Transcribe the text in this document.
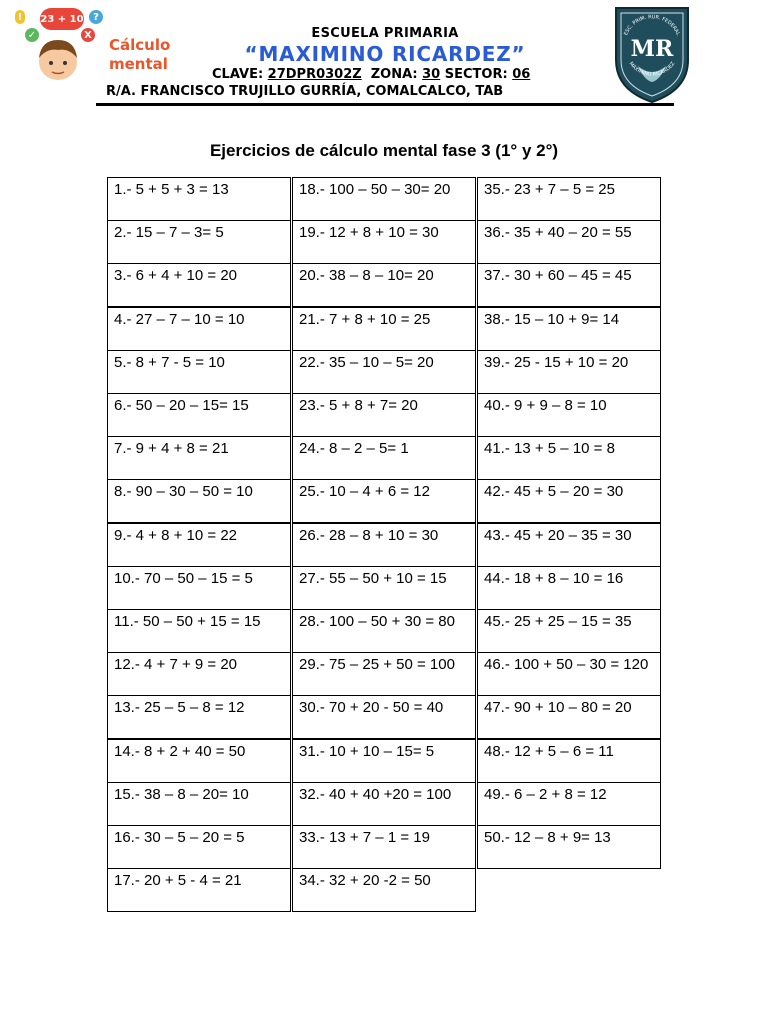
! 23 + 10 ?
✓	X
Cálculo
mental
ESCUELA PRIMARIA
“MAXIMINO RICARDEZ”
CLAVE: 27DPR0302Z  ZONA: 30 SECTOR: 06
R/A. FRANCISCO TRUJILLO GURRÍA, COMALCALCO, TAB
ESC. PRIM. RUR. FEDERAL
MR
MAXIMINO RICARDEZ
Ejercicios de cálculo mental fase 3 (1° y 2°)
1.- 5 + 5 + 3 = 13
2.- 15 – 7 – 3= 5
3.- 6 + 4 + 10 = 20
4.- 27 – 7 – 10 = 10
5.- 8 + 7 - 5 = 10
6.- 50 – 20 – 15= 15
7.- 9 + 4 + 8 = 21
8.- 90 – 30 – 50 = 10
9.- 4 + 8 + 10 = 22
10.- 70 – 50 – 15 = 5
11.- 50 – 50 + 15 = 15
12.- 4 + 7 + 9 = 20
13.- 25 – 5 – 8 = 12
14.- 8 + 2 + 40 = 50
15.- 38 – 8 – 20= 10
16.- 30 – 5 – 20 = 5
17.- 20 + 5 - 4 = 21
18.- 100 – 50 – 30= 20
19.- 12 + 8 + 10 = 30
20.- 38 – 8 – 10= 20
21.- 7 + 8 + 10 = 25
22.- 35 – 10 – 5= 20
23.- 5 + 8 + 7= 20
24.- 8 – 2 – 5= 1
25.- 10 – 4 + 6 = 12
26.- 28 – 8 + 10 = 30
27.- 55 – 50 + 10 = 15
28.- 100 – 50 + 30 = 80
29.- 75 – 25 + 50 = 100
30.- 70 + 20 - 50 = 40
31.- 10 + 10 – 15= 5
32.- 40 + 40 +20 = 100
33.- 13 + 7 – 1 = 19
34.- 32 + 20 -2 = 50
35.- 23 + 7 – 5 = 25
36.- 35 + 40 – 20 = 55
37.- 30 + 60 – 45 = 45
38.- 15 – 10 + 9= 14
39.- 25 - 15 + 10 = 20
40.- 9 + 9 – 8 = 10
41.- 13 + 5 – 10 = 8
42.- 45 + 5 – 20 = 30
43.- 45 + 20 – 35 = 30
44.- 18 + 8 – 10 = 16
45.- 25 + 25 – 15 = 35
46.- 100 + 50 – 30 = 120
47.- 90 + 10 – 80 = 20
48.- 12 + 5 – 6 = 11
49.- 6 – 2 + 8 = 12
50.- 12 – 8 + 9= 13
